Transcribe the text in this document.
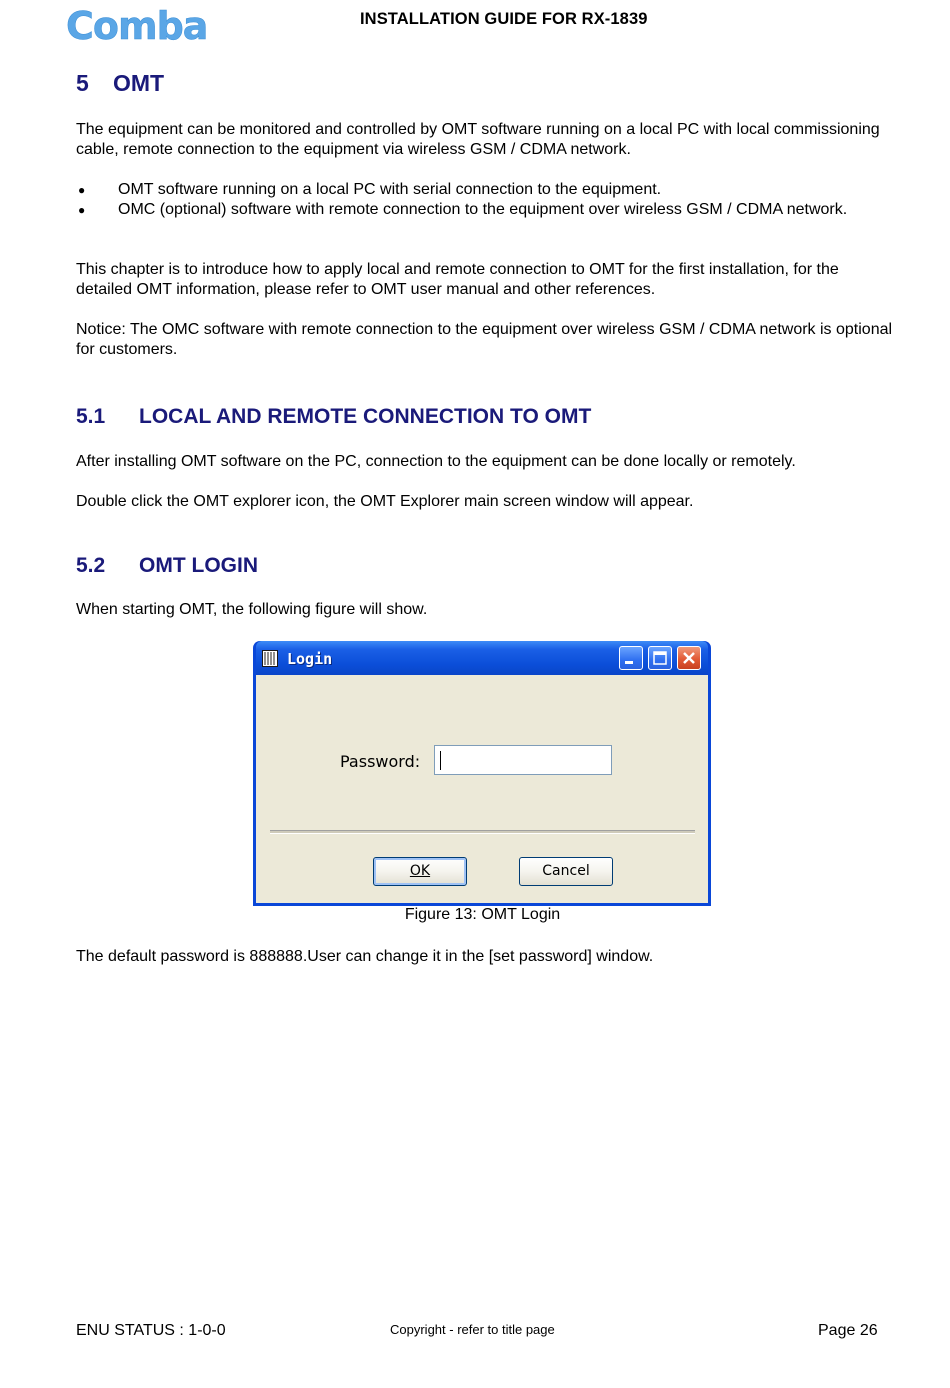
Comba	INSTALLATION GUIDE FOR RX-1839
5 OMT
The equipment can be monitored and controlled by OMT software running on a local PC with local commissioning cable, remote connection to the equipment via wireless GSM / CDMA network.
●	OMT software running on a local PC with serial connection to the equipment.
●	OMC (optional) software with remote connection to the equipment over wireless GSM / CDMA network.
This chapter is to introduce how to apply local and remote connection to OMT for the first installation, for the detailed OMT information, please refer to OMT user manual and other references.
Notice: The OMC software with remote connection to the equipment over wireless GSM / CDMA network is optional for customers.
5.1 LOCAL AND REMOTE CONNECTION TO OMT
After installing OMT software on the PC, connection to the equipment can be done locally or remotely.
Double click the OMT explorer icon, the OMT Explorer main screen window will appear.
5.2 OMT LOGIN
When starting OMT, the following figure will show.
Login
Password:
OK	Cancel
Figure 13: OMT Login
The default password is 888888.User can change it in the [set password] window.
ENU STATUS : 1-0-0	Copyright - refer to title page	Page 26
